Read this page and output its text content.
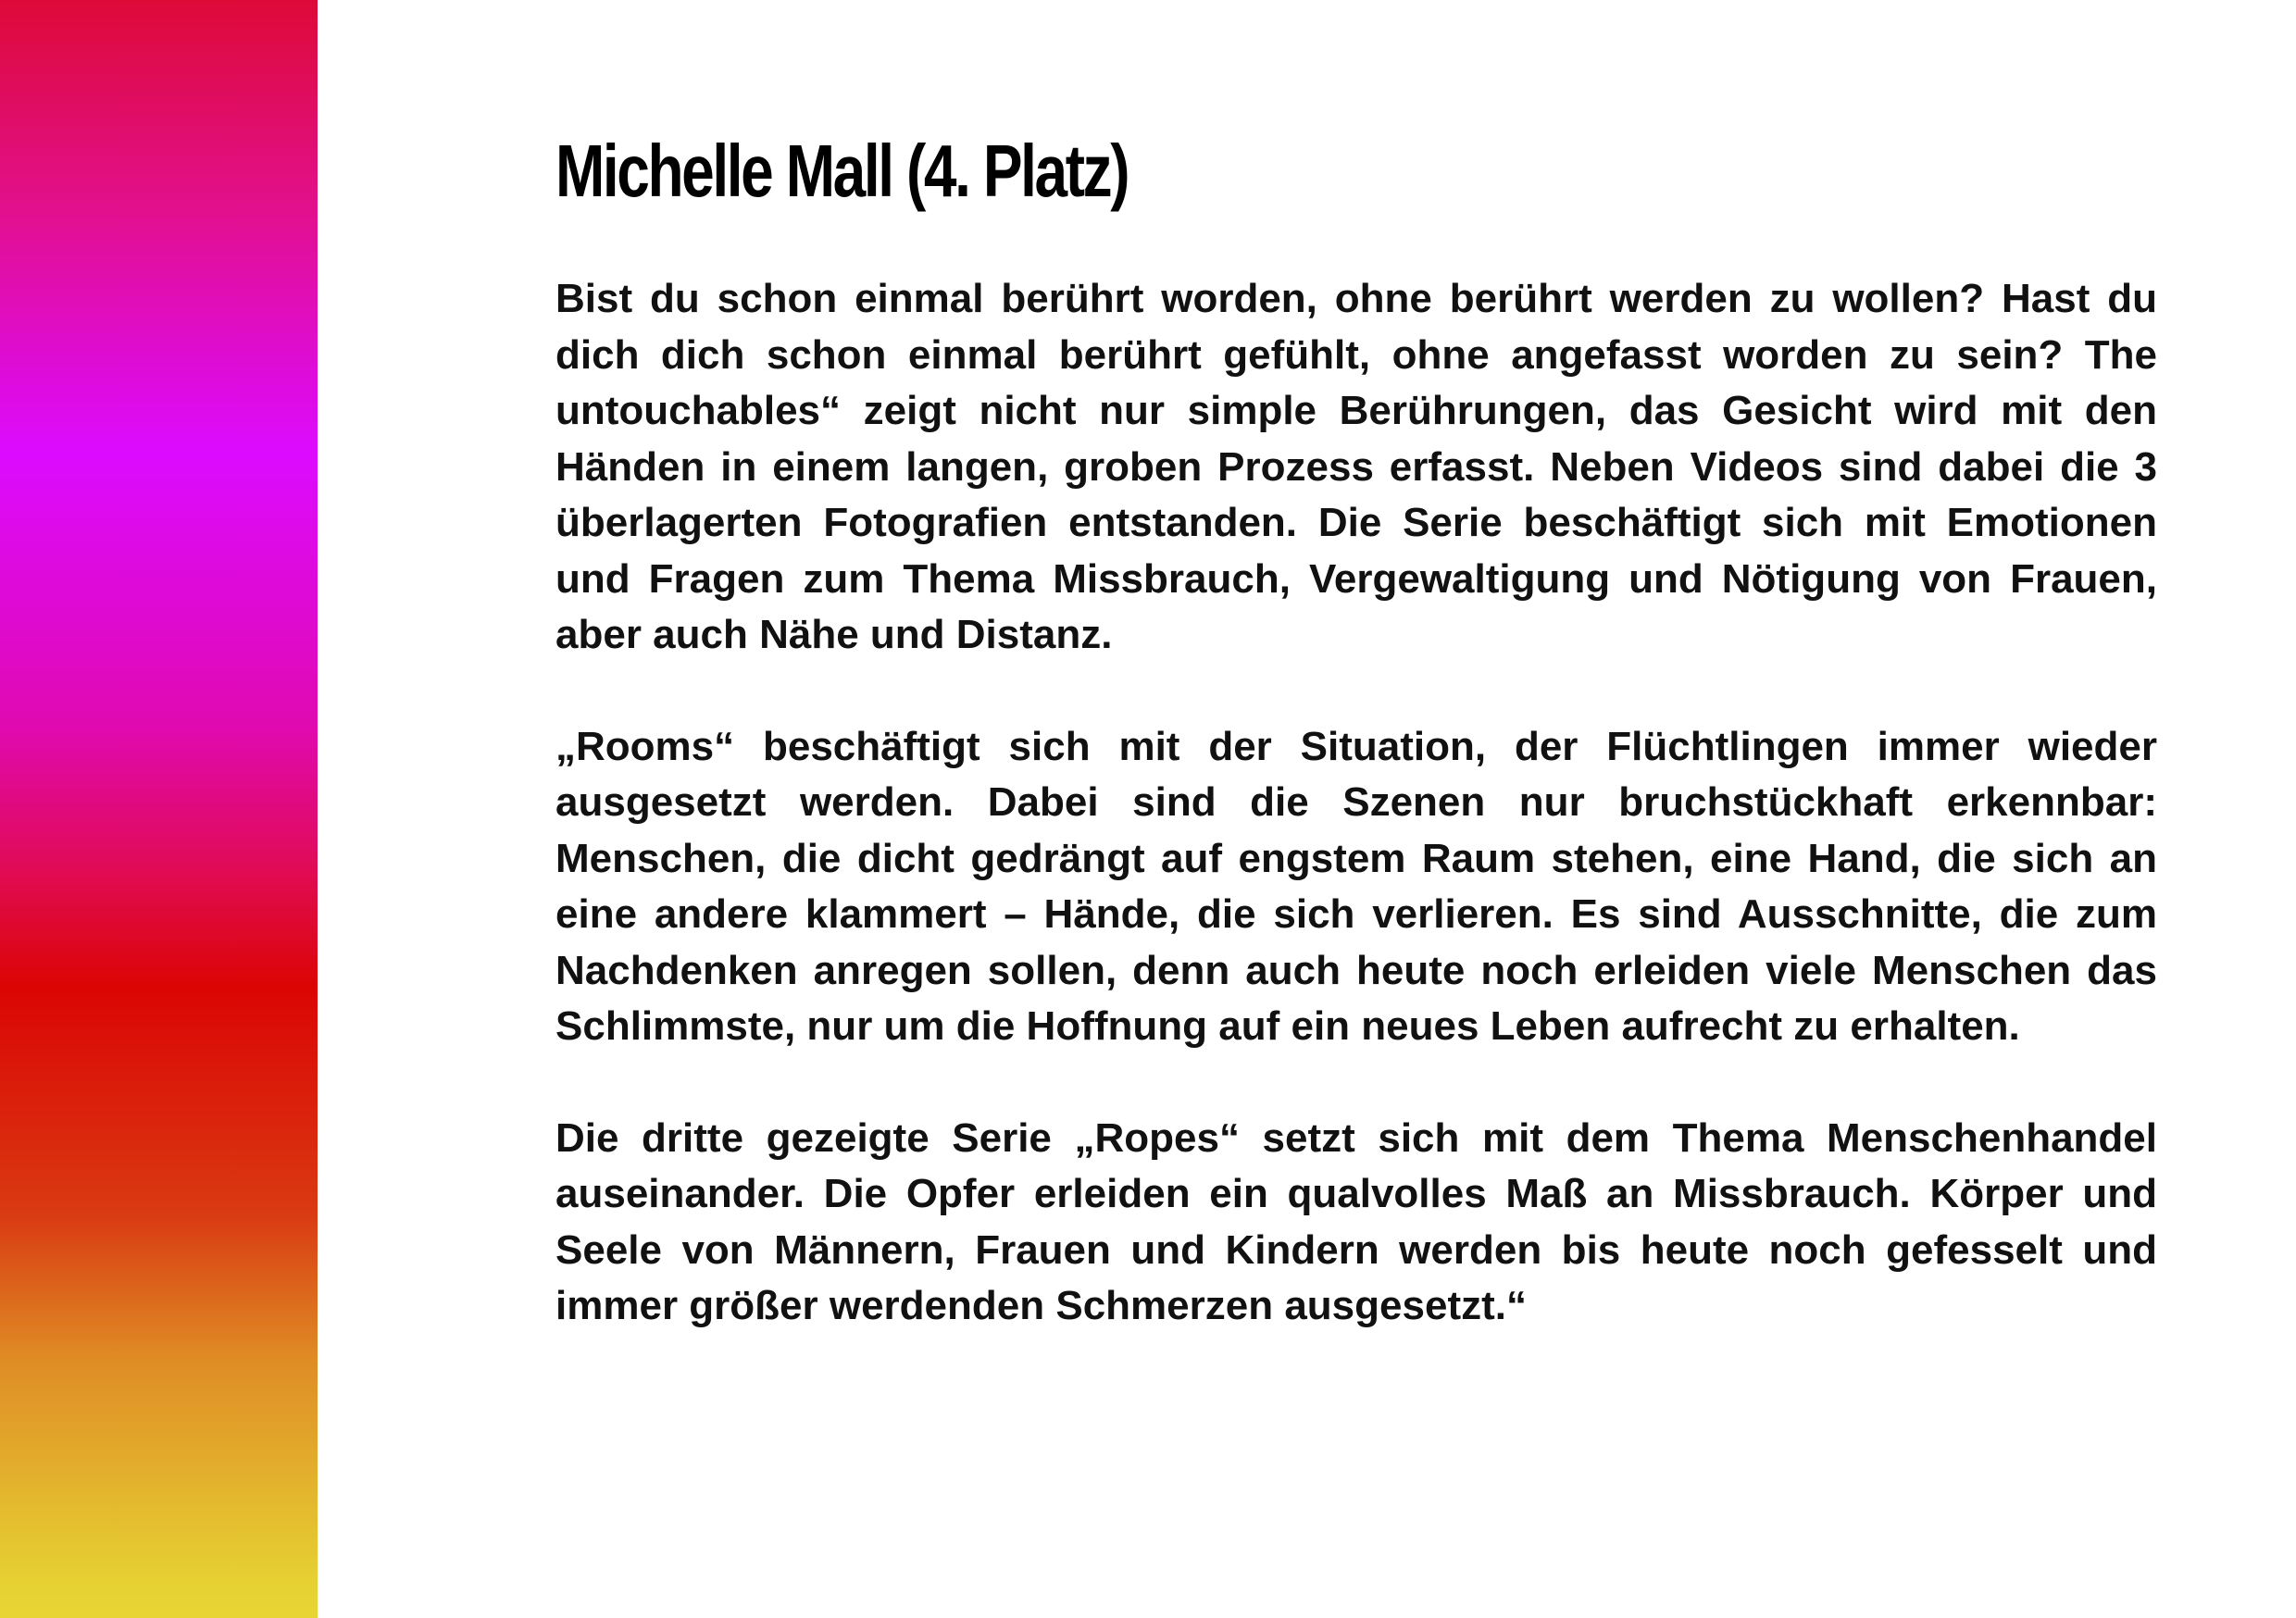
Michelle Mall (4. Platz)

Bist du schon einmal berührt worden, ohne berührt werden zu wollen? Hast du dich dich schon einmal berührt gefühlt, ohne angefasst worden zu sein? The untouchables“ zeigt nicht nur simple Berührungen, das Gesicht wird mit den Händen in einem langen, groben Prozess erfasst. Neben Videos sind dabei die 3 überlagerten Fotografien entstanden. Die Serie beschäftigt sich mit Emotionen und Fragen zum Thema Missbrauch, Vergewaltigung und Nötigung von Frauen, aber auch Nähe und Distanz.

„Rooms“ beschäftigt sich mit der Situation, der Flüchtlingen immer wieder ausgesetzt werden. Dabei sind die Szenen nur bruchstückhaft erkennbar: Menschen, die dicht gedrängt auf engstem Raum stehen, eine Hand, die sich an eine andere klammert – Hände, die sich verlieren. Es sind Ausschnitte, die zum Nachdenken anregen sollen, denn auch heute noch erleiden viele Menschen das Schlimmste, nur um die Hoffnung auf ein neues Leben aufrecht zu erhalten.

Die dritte gezeigte Serie „Ropes“ setzt sich mit dem Thema Menschenhandel auseinander. Die Opfer erleiden ein qualvolles Maß an Missbrauch. Körper und Seele von Männern, Frauen und Kindern werden bis heute noch gefesselt und immer größer werdenden Schmerzen ausgesetzt.“
